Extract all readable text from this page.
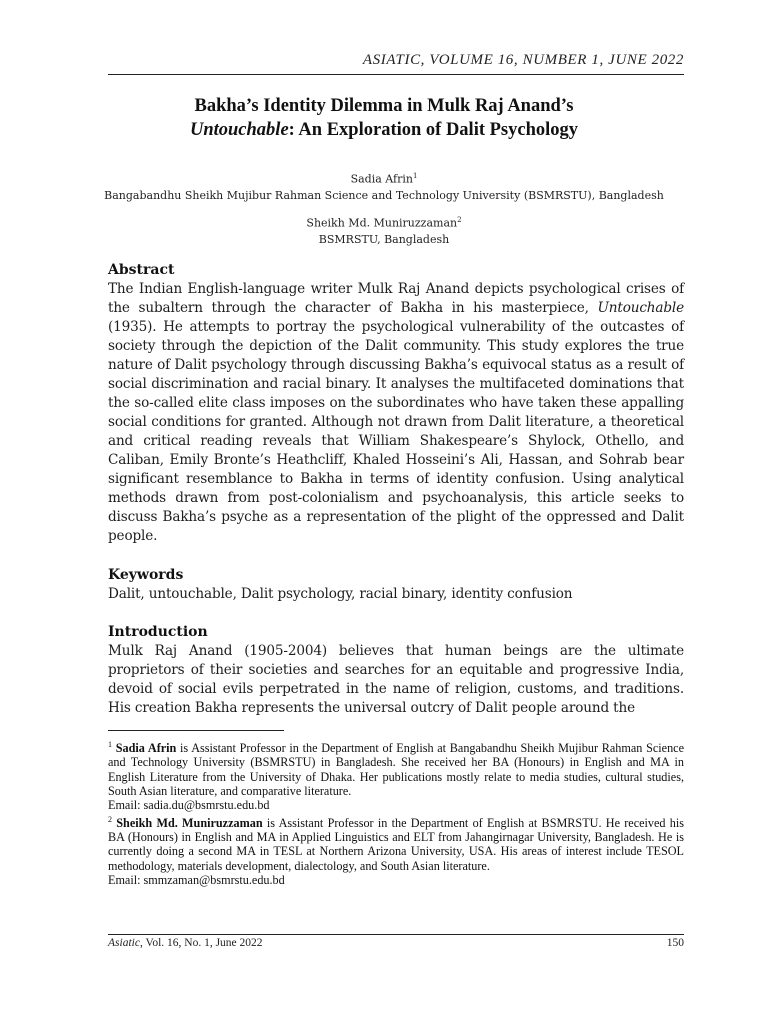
ASIATIC, VOLUME 16, NUMBER 1, JUNE 2022
Bakha’s Identity Dilemma in Mulk Raj Anand’s
Untouchable: An Exploration of Dalit Psychology
Sadia Afrin$^1$
Bangabandhu Sheikh Mujibur Rahman Science and Technology University (BSMRSTU), Bangladesh
Sheikh Md. Muniruzzaman$^2$
BSMRSTU, Bangladesh
Abstract
The Indian English-language writer Mulk Raj Anand depicts psychological crises of the subaltern through the character of Bakha in his masterpiece, Untouchable (1935). He attempts to portray the psychological vulnerability of the outcastes of society through the depiction of the Dalit community. This study explores the true nature of Dalit psychology through discussing Bakha’s equivocal status as a result of social discrimination and racial binary. It analyses the multifaceted dominations that the so-called elite class imposes on the subordinates who have taken these appalling social conditions for granted. Although not drawn from Dalit literature, a theoretical and critical reading reveals that William Shakespeare’s Shylock, Othello, and Caliban, Emily Bronte’s Heathcliff, Khaled Hosseini’s Ali, Hassan, and Sohrab bear significant resemblance to Bakha in terms of identity confusion. Using analytical methods drawn from post-colonialism and psychoanalysis, this article seeks to discuss Bakha’s psyche as a representation of the plight of the oppressed and Dalit people.
Keywords
Dalit, untouchable, Dalit psychology, racial binary, identity confusion
Introduction
Mulk Raj Anand (1905-2004) believes that human beings are the ultimate proprietors of their societies and searches for an equitable and progressive India, devoid of social evils perpetrated in the name of religion, customs, and traditions. His creation Bakha represents the universal outcry of Dalit people around the

$^1$ Sadia Afrin is Assistant Professor in the Department of English at Bangabandhu Sheikh Mujibur Rahman Science and Technology University (BSMRSTU) in Bangladesh. She received her BA (Honours) in English and MA in English Literature from the University of Dhaka. Her publications mostly relate to media studies, cultural studies, South Asian literature, and comparative literature.

Email: sadia.du@bsmrstu.edu.bd

$^2$ Sheikh Md. Muniruzzaman is Assistant Professor in the Department of English at BSMRSTU. He received his BA (Honours) in English and MA in Applied Linguistics and ELT from Jahangirnagar University, Bangladesh. He is currently doing a second MA in TESL at Northern Arizona University, USA. His areas of interest include TESOL methodology, materials development, dialectology, and South Asian literature.

Email: smmzaman@bsmrstu.edu.bd

Asiatic, Vol. 16, No. 1, June 2022	150
